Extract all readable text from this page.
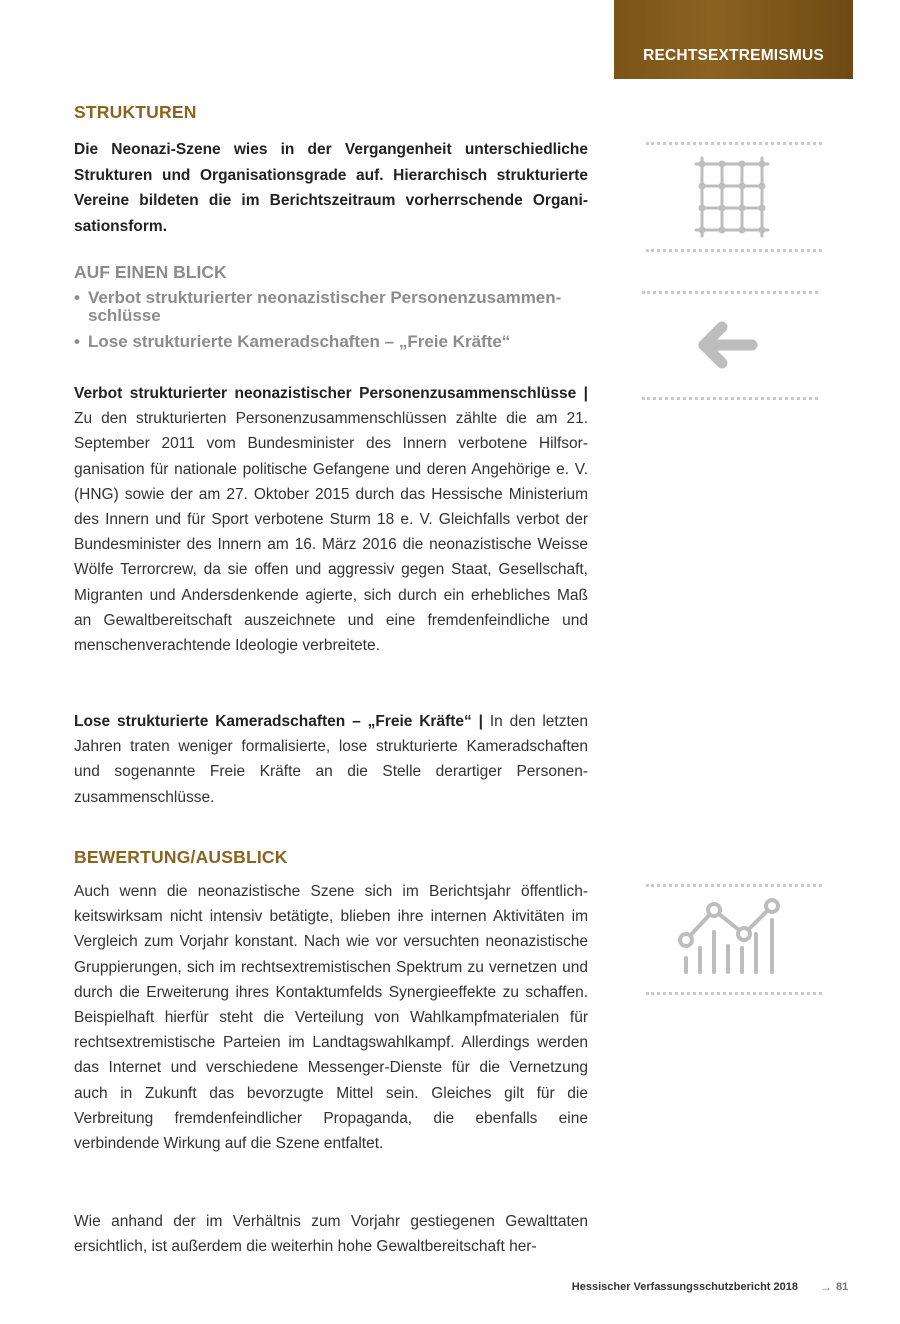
RECHTSEXTREMISMUS
STRUKTUREN

Die Neonazi-Szene wies in der Vergangenheit unterschiedliche Strukturen und Organisationsgrade auf. Hierarchisch strukturierte Vereine bildeten die im Berichtszeitraum vorherrschende Organisationsform.

AUF EINEN BLICK
• Verbot strukturierter neonazistischer Personenzusammenschlüsse
• Lose strukturierte Kameradschaften – „Freie Kräfte“

Verbot strukturierter neonazistischer Personenzusammenschlüsse | Zu den strukturierten Personenzusammenschlüssen zählte die am 21. September 2011 vom Bundesminister des Innern verbotene Hilfsorganisation für nationale politische Gefangene und deren Angehörige e. V. (HNG) sowie der am 27. Oktober 2015 durch das Hessische Ministerium des Innern und für Sport verbotene Sturm 18 e. V. Gleichfalls verbot der Bundesminister des Innern am 16. März 2016 die neonazistische Weisse Wölfe Terrorcrew, da sie offen und aggressiv gegen Staat, Gesellschaft, Migranten und Andersdenkende agierte, sich durch ein erhebliches Maß an Gewaltbereitschaft auszeichnete und eine fremdenfeindliche und menschenverachtende Ideologie verbreitete.

Lose strukturierte Kameradschaften – „Freie Kräfte“ | In den letzten Jahren traten weniger formalisierte, lose strukturierte Kameradschaften und sogenannte Freie Kräfte an die Stelle derartiger Personenzusammenschlüsse.

BEWERTUNG/AUSBLICK

Auch wenn die neonazistische Szene sich im Berichtsjahr öffentlichkeitswirksam nicht intensiv betätigte, blieben ihre internen Aktivitäten im Vergleich zum Vorjahr konstant. Nach wie vor versuchten neonazistische Gruppierungen, sich im rechtsextremistischen Spektrum zu vernetzen und durch die Erweiterung ihres Kontaktumfelds Synergieeffekte zu schaffen. Beispielhaft hierfür steht die Verteilung von Wahlkampfmaterialen für rechtsextremistische Parteien im Landtagswahlkampf. Allerdings werden das Internet und verschiedene Messenger-Dienste für die Vernetzung auch in Zukunft das bevorzugte Mittel sein. Gleiches gilt für die Verbreitung fremdenfeindlicher Propaganda, die ebenfalls eine verbindende Wirkung auf die Szene entfaltet.

Wie anhand der im Verhältnis zum Vorjahr gestiegenen Gewalttaten ersichtlich, ist außerdem die weiterhin hohe Gewaltbereitschaft her-

Hessischer Verfassungsschutzbericht 2018 → 81
